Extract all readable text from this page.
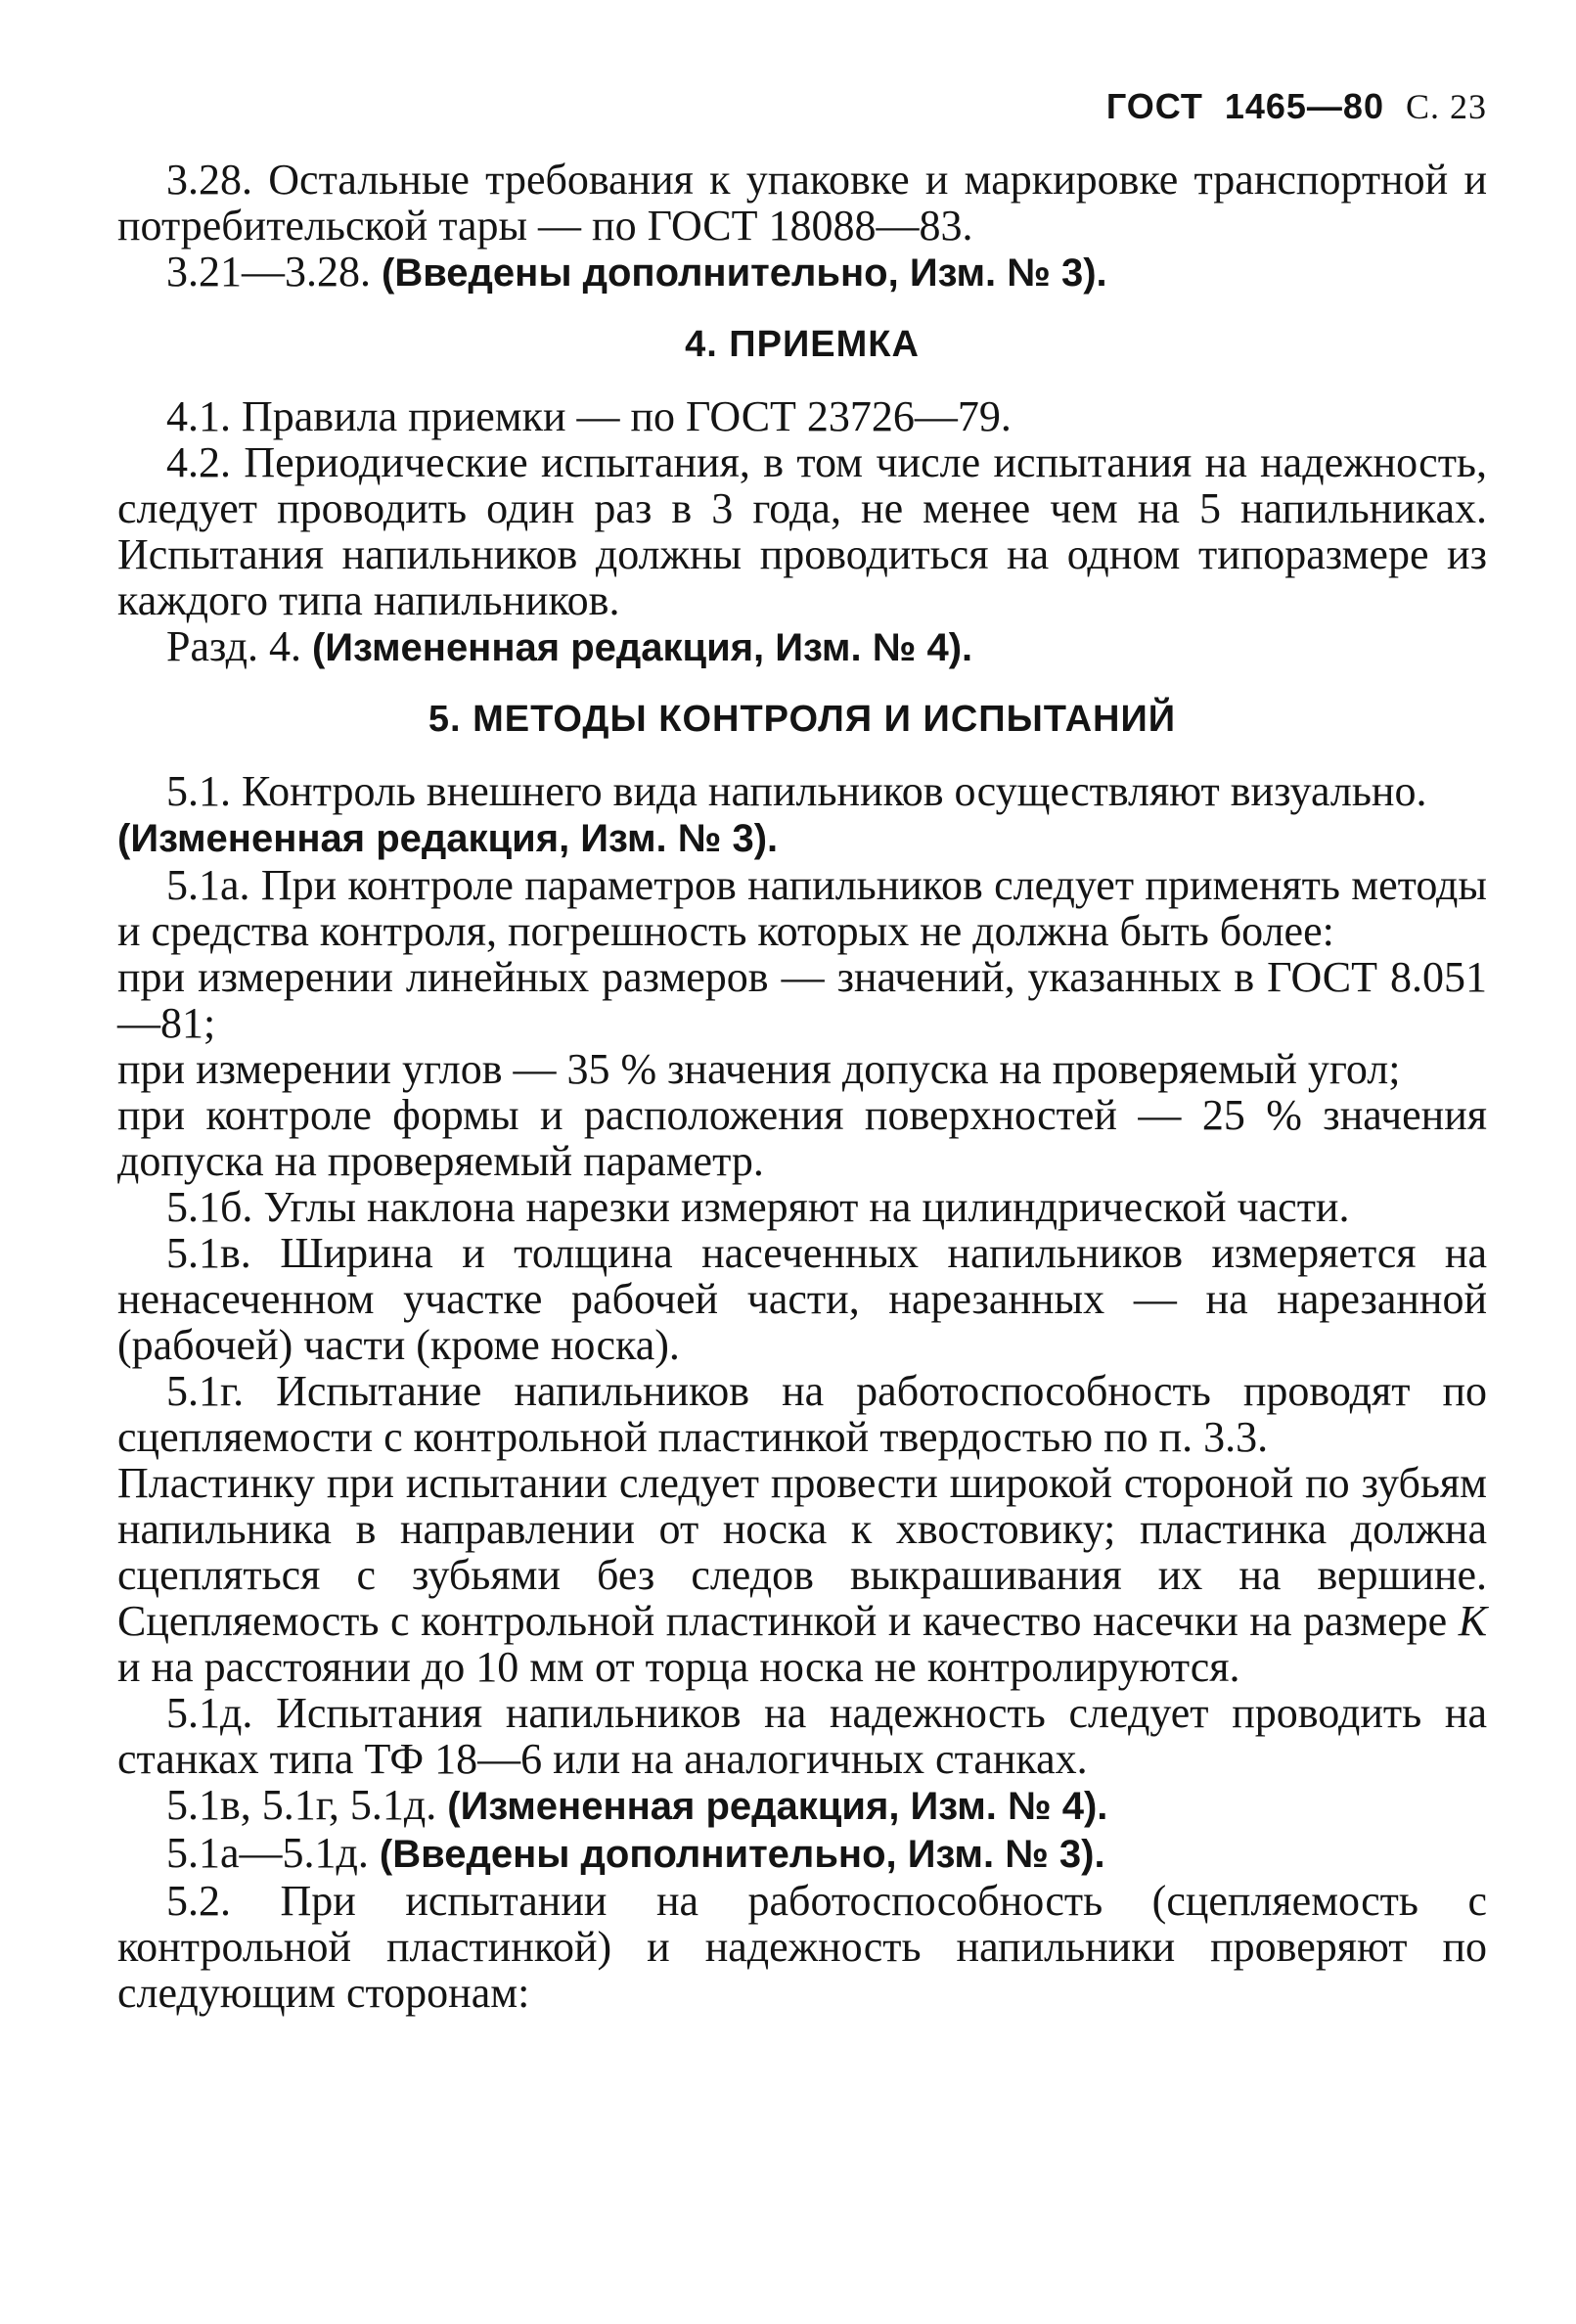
ГОСТ 1465—80 С. 23

3.28. Остальные требования к упаковке и маркировке транспортной и потребительской тары — по ГОСТ 18088—83.

3.21—3.28. (Введены дополнительно, Изм. № 3).

4. ПРИЕМКА

4.1. Правила приемки — по ГОСТ 23726—79.

4.2. Периодические испытания, в том числе испытания на надежность, следует проводить один раз в 3 года, не менее чем на 5 напильниках. Испытания напильников должны проводиться на одном типоразмере из каждого типа напильников.

Разд. 4. (Измененная редакция, Изм. № 4).

5. МЕТОДЫ КОНТРОЛЯ И ИСПЫТАНИЙ

5.1. Контроль внешнего вида напильников осуществляют визуально.

(Измененная редакция, Изм. № 3).

5.1а. При контроле параметров напильников следует применять методы и средства контроля, погрешность которых не должна быть более:

при измерении линейных размеров — значений, указанных в ГОСТ 8.051—81;

при измерении углов — 35 % значения допуска на проверяемый угол;

при контроле формы и расположения поверхностей — 25 % значения допуска на проверяемый параметр.

5.1б. Углы наклона нарезки измеряют на цилиндрической части.

5.1в. Ширина и толщина насеченных напильников измеряется на ненасеченном участке рабочей части, нарезанных — на нарезанной (рабочей) части (кроме носка).

5.1г. Испытание напильников на работоспособность проводят по сцепляемости с контрольной пластинкой твердостью по п. 3.3.

Пластинку при испытании следует провести широкой стороной по зубьям напильника в направлении от носка к хвостовику; пластинка должна сцепляться с зубьями без следов выкрашивания их на вершине. Сцепляемость с контрольной пластинкой и качество насечки на размере К и на расстоянии до 10 мм от торца носка не контролируются.

5.1д. Испытания напильников на надежность следует проводить на станках типа ТФ 18—6 или на аналогичных станках.

5.1в, 5.1г, 5.1д. (Измененная редакция, Изм. № 4).

5.1а—5.1д. (Введены дополнительно, Изм. № 3).

5.2. При испытании на работоспособность (сцепляемость с контрольной пластинкой) и надежность напильники проверяют по следующим сторонам:
